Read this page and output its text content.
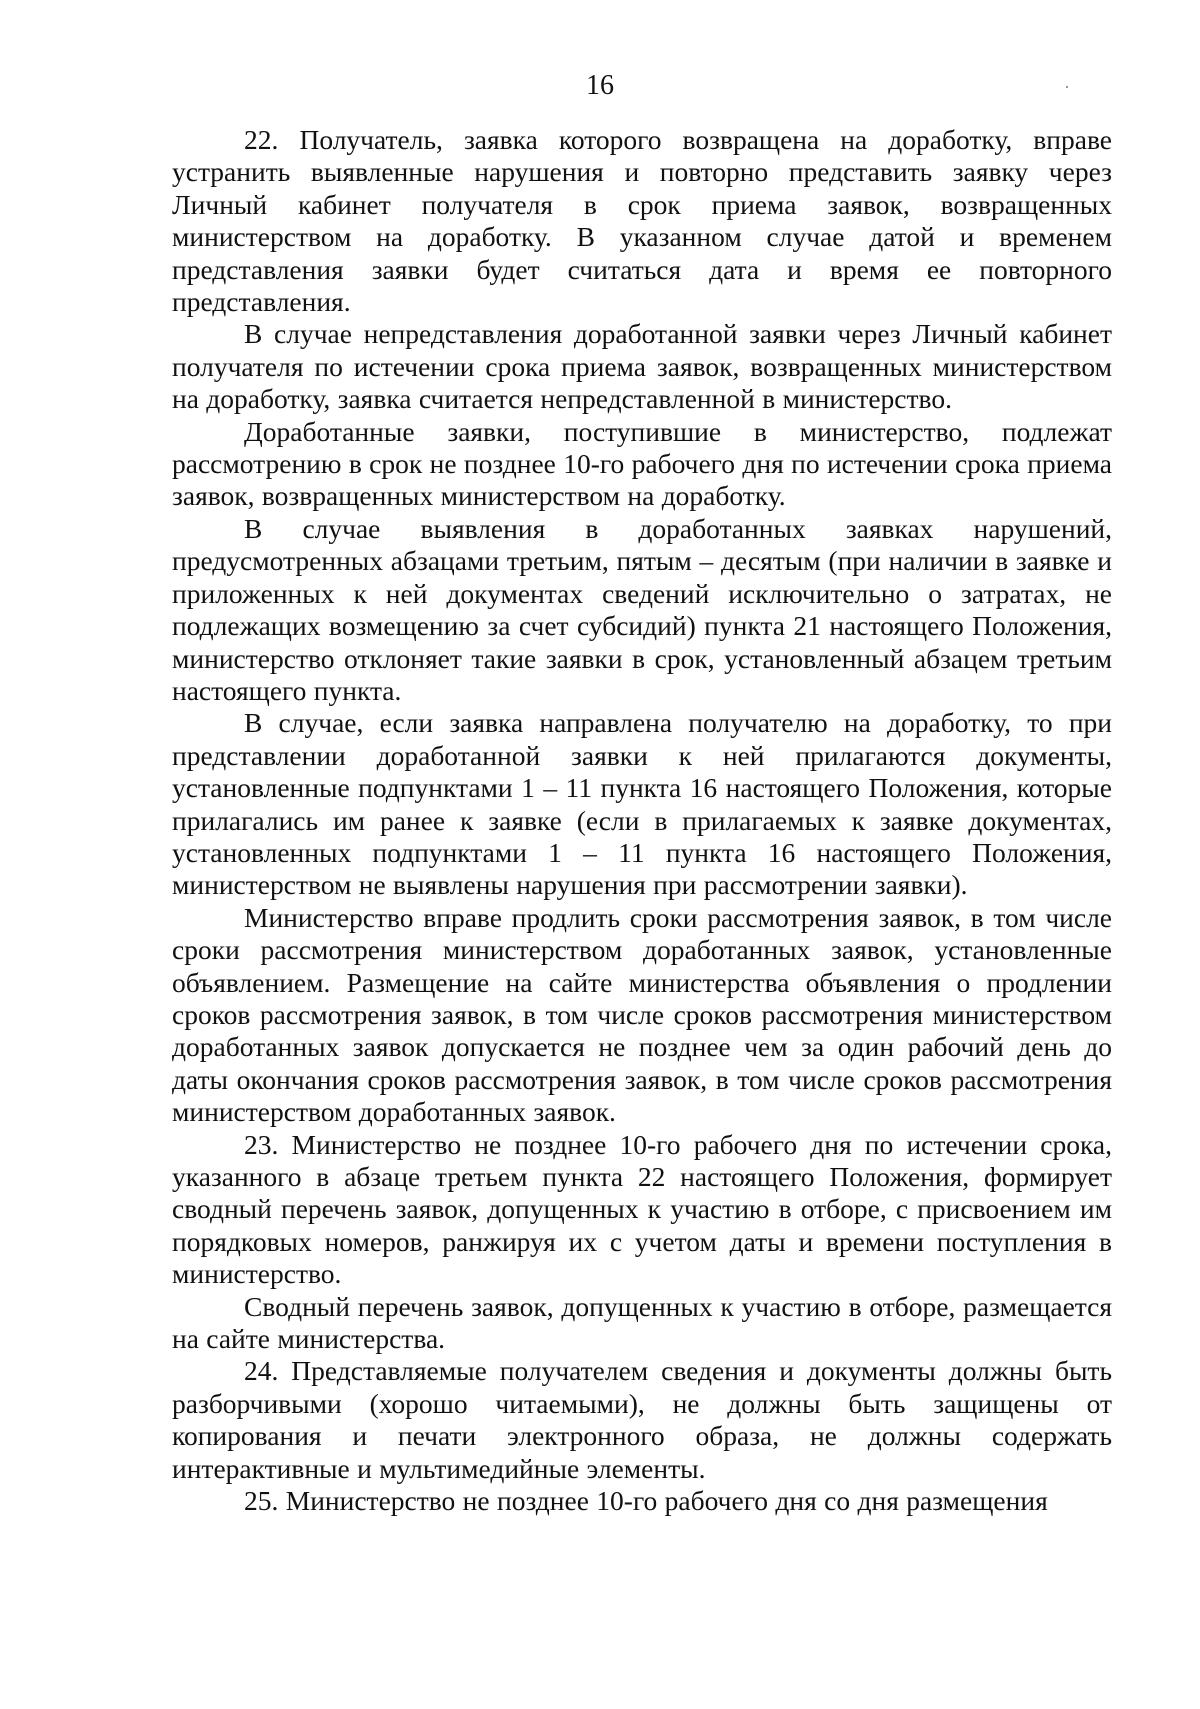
16

22. Получатель, заявка которого возвращена на доработку, вправе устранить выявленные нарушения и повторно представить заявку через Личный кабинет получателя в срок приема заявок, возвращенных министерством на доработку. В указанном случае датой и временем представления заявки будет считаться дата и время ее повторного представления.

В случае непредставления доработанной заявки через Личный кабинет получателя по истечении срока приема заявок, возвращенных министерством на доработку, заявка считается непредставленной в министерство.

Доработанные заявки, поступившие в министерство, подлежат рассмотрению в срок не позднее 10-го рабочего дня по истечении срока приема заявок, возвращенных министерством на доработку.

В случае выявления в доработанных заявках нарушений, предусмотренных абзацами третьим, пятым – десятым (при наличии в заявке и приложенных к ней документах сведений исключительно о затратах, не подлежащих возмещению за счет субсидий) пункта 21 настоящего Положения, министерство отклоняет такие заявки в срок, установленный абзацем третьим настоящего пункта.

В случае, если заявка направлена получателю на доработку, то при представлении доработанной заявки к ней прилагаются документы, установленные подпунктами 1 – 11 пункта 16 настоящего Положения, которые прилагались им ранее к заявке (если в прилагаемых к заявке документах, установленных подпунктами 1 – 11 пункта 16 настоящего Положения, министерством не выявлены нарушения при рассмотрении заявки).

Министерство вправе продлить сроки рассмотрения заявок, в том числе сроки рассмотрения министерством доработанных заявок, установленные объявлением. Размещение на сайте министерства объявления о продлении сроков рассмотрения заявок, в том числе сроков рассмотрения министерством доработанных заявок допускается не позднее чем за один рабочий день до даты окончания сроков рассмотрения заявок, в том числе сроков рассмотрения министерством доработанных заявок.

23. Министерство не позднее 10-го рабочего дня по истечении срока, указанного в абзаце третьем пункта 22 настоящего Положения, формирует сводный перечень заявок, допущенных к участию в отборе, с присвоением им порядковых номеров, ранжируя их с учетом даты и времени поступления в министерство.

Сводный перечень заявок, допущенных к участию в отборе, размещается на сайте министерства.

24. Представляемые получателем сведения и документы должны быть разборчивыми (хорошо читаемыми), не должны быть защищены от копирования и печати электронного образа, не должны содержать интерактивные и мультимедийные элементы.

25. Министерство не позднее 10-го рабочего дня со дня размещения
